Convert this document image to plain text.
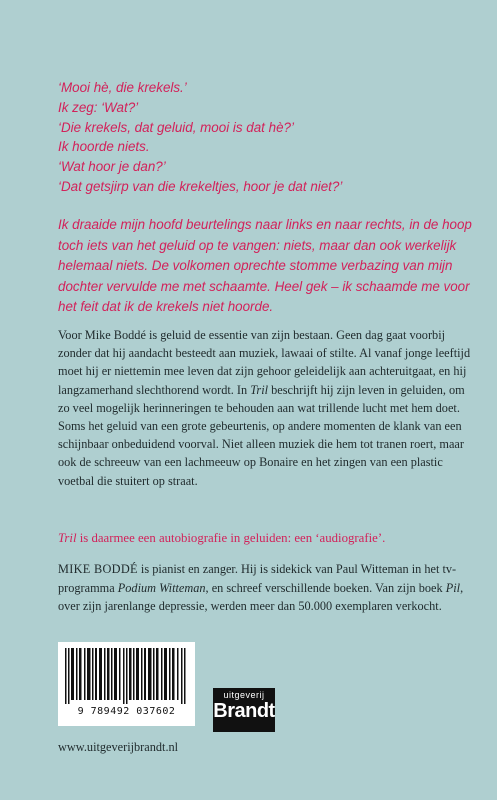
‘Mooi hè, die krekels.’
Ik zeg: ‘Wat?’
‘Die krekels, dat geluid, mooi is dat hè?’
Ik hoorde niets.
‘Wat hoor je dan?’
‘Dat getsjirp van die krekeltjes, hoor je dat niet?’
Ik draaide mijn hoofd beurtelings naar links en naar rechts, in de hoop toch iets van het geluid op te vangen: niets, maar dan ook werkelijk helemaal niets. De volkomen oprechte stomme verbazing van mijn dochter vervulde me met schaamte. Heel gek – ik schaamde me voor het feit dat ik de krekels niet hoorde.
Voor Mike Boddé is geluid de essentie van zijn bestaan. Geen dag gaat voorbij zonder dat hij aandacht besteedt aan muziek, lawaai of stilte. Al vanaf jonge leeftijd moet hij er niettemin mee leven dat zijn gehoor geleidelijk aan achteruitgaat, en hij langzamerhand slechthorend wordt. In Tril beschrijft hij zijn leven in geluiden, om zo veel mogelijk herinneringen te behouden aan wat trillende lucht met hem doet. Soms het geluid van een grote gebeurtenis, op andere momenten de klank van een schijnbaar onbeduidend voorval. Niet alleen muziek die hem tot tranen roert, maar ook de schreeuw van een lachmeeuw op Bonaire en het zingen van een plastic voetbal die stuitert op straat.
Tril is daarmee een autobiografie in geluiden: een ‘audiografie’.
MIKE BODDÉ is pianist en zanger. Hij is sidekick van Paul Witteman in het tv-programma Podium Witteman, en schreef verschillende boeken. Van zijn boek Pil, over zijn jarenlange depressie, werden meer dan 50.000 exemplaren verkocht.
9 789492 037602
uitgeverij
Brandt
www.uitgeverijbrandt.nl
